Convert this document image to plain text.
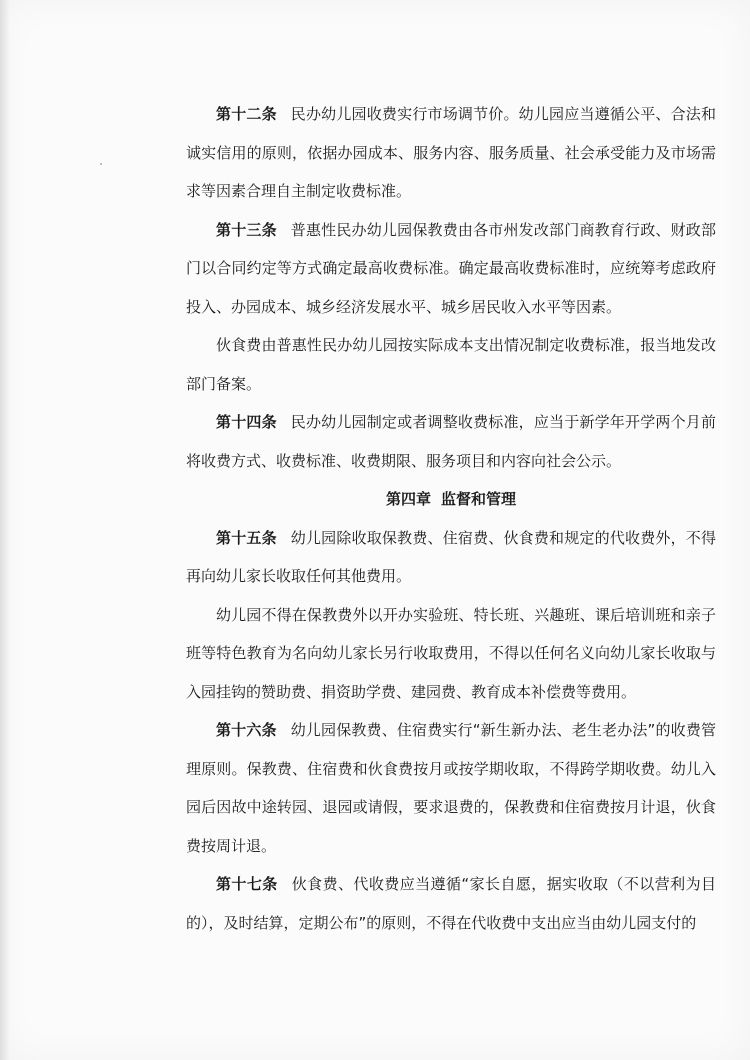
第十二条 民办幼儿园收费实行市场调节价。幼儿园应当遵循公平、合法和诚实信用的原则，依据办园成本、服务内容、服务质量、社会承受能力及市场需求等因素合理自主制定收费标准。

第十三条 普惠性民办幼儿园保教费由各市州发改部门商教育行政、财政部门以合同约定等方式确定最高收费标准。确定最高收费标准时，应统筹考虑政府投入、办园成本、城乡经济发展水平、城乡居民收入水平等因素。

伙食费由普惠性民办幼儿园按实际成本支出情况制定收费标准，报当地发改部门备案。

第十四条 民办幼儿园制定或者调整收费标准，应当于新学年开学两个月前将收费方式、收费标准、收费期限、服务项目和内容向社会公示。

第四章 监督和管理

第十五条 幼儿园除收取保教费、住宿费、伙食费和规定的代收费外，不得再向幼儿家长收取任何其他费用。

幼儿园不得在保教费外以开办实验班、特长班、兴趣班、课后培训班和亲子班等特色教育为名向幼儿家长另行收取费用，不得以任何名义向幼儿家长收取与入园挂钩的赞助费、捐资助学费、建园费、教育成本补偿费等费用。

第十六条 幼儿园保教费、住宿费实行“新生新办法、老生老办法”的收费管理原则。保教费、住宿费和伙食费按月或按学期收取，不得跨学期收费。幼儿入园后因故中途转园、退园或请假，要求退费的，保教费和住宿费按月计退，伙食费按周计退。

第十七条 伙食费、代收费应当遵循“家长自愿，据实收取（不以营利为目的），及时结算，定期公布”的原则，不得在代收费中支出应当由幼儿园支付的
